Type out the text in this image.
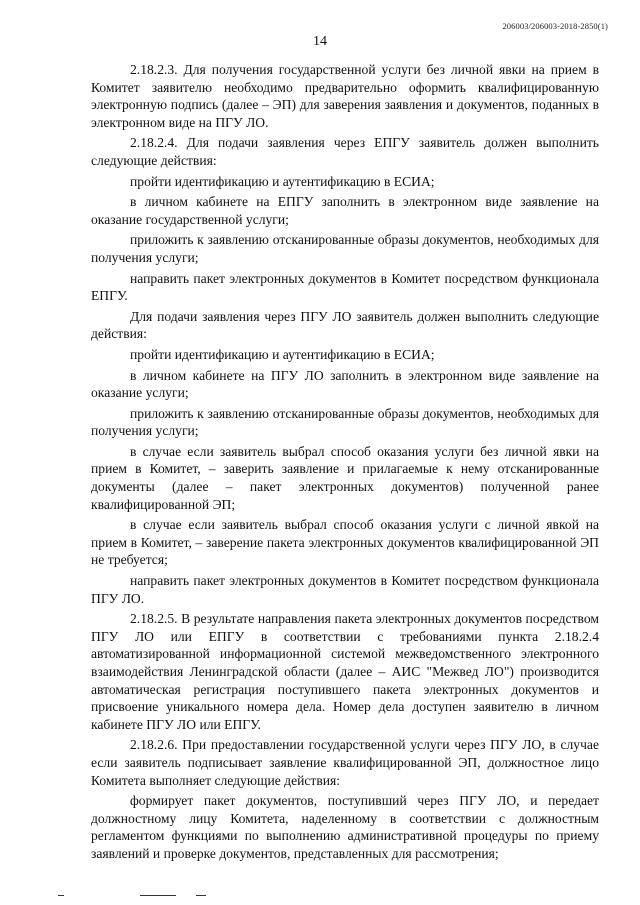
206003/206003-2018-2850(1)
14

2.18.2.3. Для получения государственной услуги без личной явки на прием в Комитет заявителю необходимо предварительно оформить квалифицированную электронную подпись (далее – ЭП) для заверения заявления и документов, поданных в электронном виде на ПГУ ЛО.

2.18.2.4. Для подачи заявления через ЕПГУ заявитель должен выполнить следующие действия:

пройти идентификацию и аутентификацию в ЕСИА;

в личном кабинете на ЕПГУ заполнить в электронном виде заявление на оказание государственной услуги;

приложить к заявлению отсканированные образы документов, необходимых для получения услуги;

направить пакет электронных документов в Комитет посредством функционала ЕПГУ.

Для подачи заявления через ПГУ ЛО заявитель должен выполнить следующие действия:

пройти идентификацию и аутентификацию в ЕСИА;

в личном кабинете на ПГУ ЛО заполнить в электронном виде заявление на оказание услуги;

приложить к заявлению отсканированные образы документов, необходимых для получения услуги;

в случае если заявитель выбрал способ оказания услуги без личной явки на прием в Комитет, – заверить заявление и прилагаемые к нему отсканированные документы (далее – пакет электронных документов) полученной ранее квалифицированной ЭП;

в случае если заявитель выбрал способ оказания услуги с личной явкой на прием в Комитет, – заверение пакета электронных документов квалифицированной ЭП не требуется;

направить пакет электронных документов в Комитет посредством функционала ПГУ ЛО.

2.18.2.5. В результате направления пакета электронных документов посредством ПГУ ЛО или ЕПГУ в соответствии с требованиями пункта 2.18.2.4 автоматизированной информационной системой межведомственного электронного взаимодействия Ленинградской области (далее – АИС "Межвед ЛО") производится автоматическая регистрация поступившего пакета электронных документов и присвоение уникального номера дела. Номер дела доступен заявителю в личном кабинете ПГУ ЛО или ЕПГУ.

2.18.2.6. При предоставлении государственной услуги через ПГУ ЛО, в случае если заявитель подписывает заявление квалифицированной ЭП, должностное лицо Комитета выполняет следующие действия:

формирует пакет документов, поступивший через ПГУ ЛО, и передает должностному лицу Комитета, наделенному в соответствии с должностным регламентом функциями по выполнению административной процедуры по приему заявлений и проверке документов, представленных для рассмотрения;
